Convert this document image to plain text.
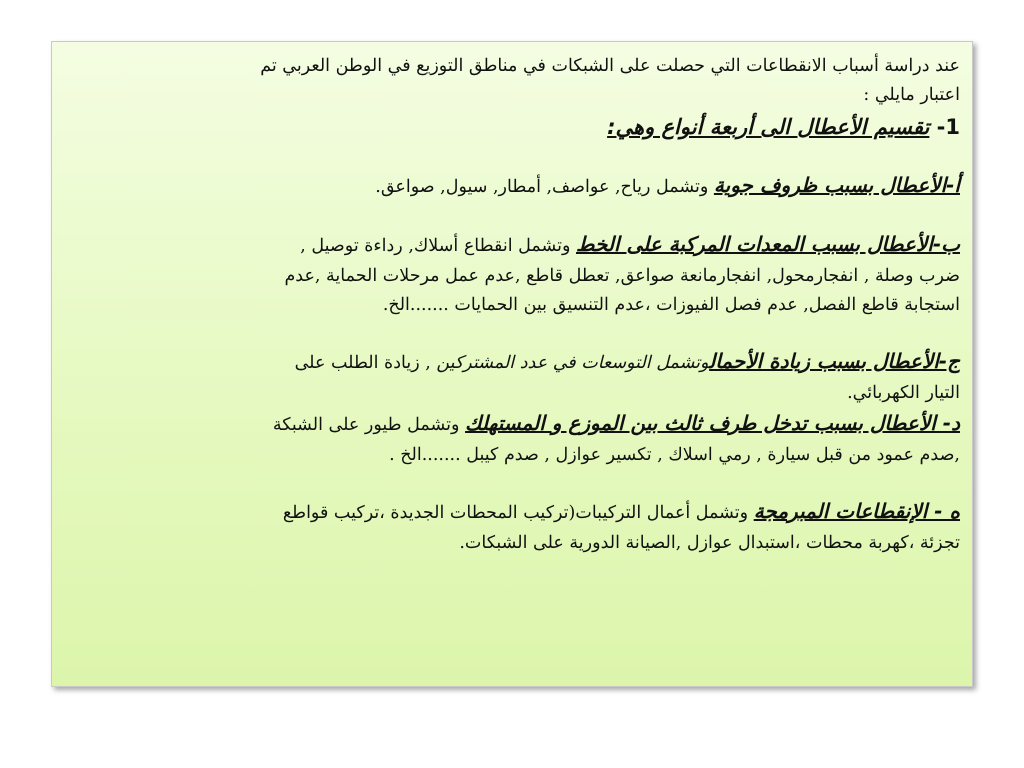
عند دراسة أسباب الانقطاعات التي حصلت على الشبكات في مناطق التوزيع في الوطن العربي تم

اعتبار مايلي :

1- تقسيم الأعطال الى أربعة أنواع وهي:

أ-الأعطال بسبب ظروف جوية وتشمل رياح, عواصف, أمطار, سيول, صواعق.

ب-الأعطال بسبب المعدات المركبة على الخط وتشمل انقطاع أسلاك, رداءة توصيل ,

ضرب وصلة , انفجارمحول, انفجارمانعة صواعق, تعطل قاطع ,عدم عمل مرحلات الحماية ,عدم

استجابة قاطع الفصل, عدم فصل الفيوزات ،عدم التنسيق بين الحمايات .......الخ.

ج-الأعطال بسبب زيادة الأحمالوتشمل التوسعات في عدد المشتركين , زيادة الطلب على

التيار الكهربائي.

د- الأعطال بسبب تدخل طرف ثالث بين الموزع و المستهلك وتشمل طيور على الشبكة

,صدم عمود من قبل سيارة , رمي اسلاك , تكسير عوازل , صدم كيبل .......الخ .

ه - الإنقطاعات المبرمجة وتشمل أعمال التركيبات(تركيب المحطات الجديدة ،تركيب قواطع

تجزئة ،كهربة محطات ،استبدال عوازل ,الصيانة الدورية على الشبكات.
